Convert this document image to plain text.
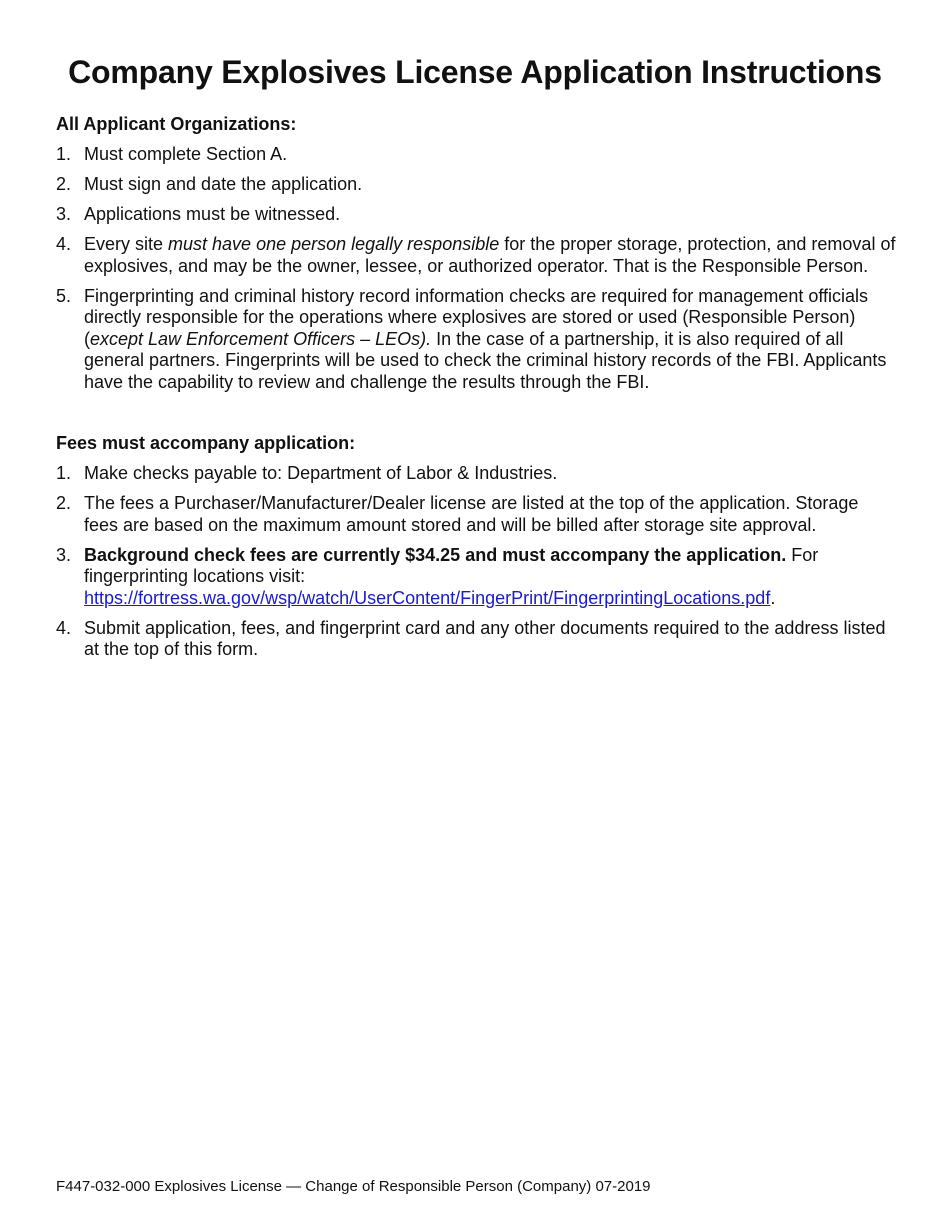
Company Explosives License Application Instructions
All Applicant Organizations:
1. Must complete Section A.
2. Must sign and date the application.
3. Applications must be witnessed.
4. Every site must have one person legally responsible for the proper storage, protection, and removal of explosives, and may be the owner, lessee, or authorized operator. That is the Responsible Person.
5. Fingerprinting and criminal history record information checks are required for management officials directly responsible for the operations where explosives are stored or used (Responsible Person) (except Law Enforcement Officers – LEOs). In the case of a partnership, it is also required of all general partners. Fingerprints will be used to check the criminal history records of the FBI. Applicants have the capability to review and challenge the results through the FBI.
Fees must accompany application:
1. Make checks payable to: Department of Labor & Industries.
2. The fees a Purchaser/Manufacturer/Dealer license are listed at the top of the application. Storage fees are based on the maximum amount stored and will be billed after storage site approval.
3. Background check fees are currently $34.25 and must accompany the application. For fingerprinting locations visit:
https://fortress.wa.gov/wsp/watch/UserContent/FingerPrint/FingerprintingLocations.pdf.
4. Submit application, fees, and fingerprint card and any other documents required to the address listed at the top of this form.
F447-032-000 Explosives License — Change of Responsible Person (Company) 07-2019
